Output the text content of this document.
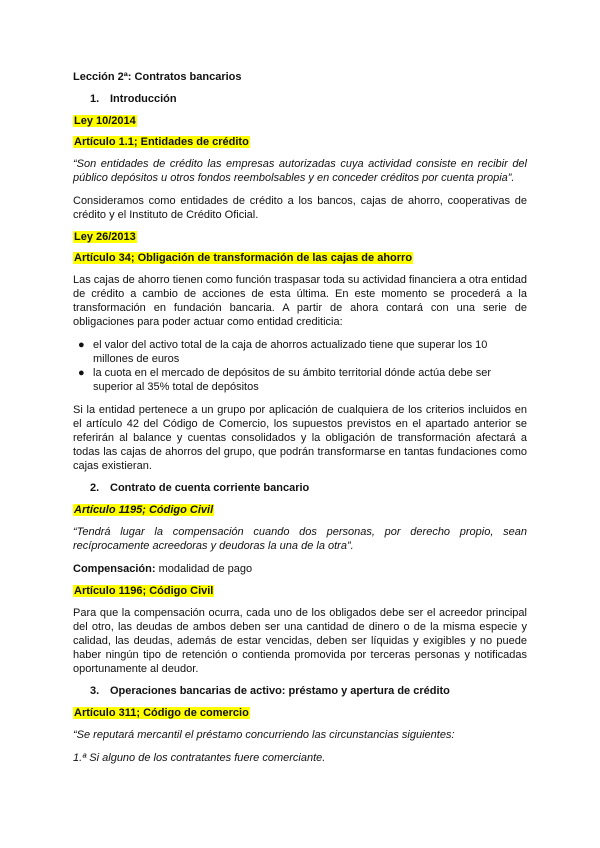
Lección 2ª: Contratos bancarios

1. Introducción
Ley 10/2014
Artículo 1.1; Entidades de crédito

“Son entidades de crédito las empresas autorizadas cuya actividad consiste en recibir del público depósitos u otros fondos reembolsables y en conceder créditos por cuenta propia”.

Consideramos como entidades de crédito a los bancos, cajas de ahorro, cooperativas de crédito y el Instituto de Crédito Oficial.

Ley 26/2013
Artículo 34; Obligación de transformación de las cajas de ahorro

Las cajas de ahorro tienen como función traspasar toda su actividad financiera a otra entidad de crédito a cambio de acciones de esta última. En este momento se procederá a la transformación en fundación bancaria. A partir de ahora contará con una serie de obligaciones para poder actuar como entidad crediticia:

● el valor del activo total de la caja de ahorros actualizado tiene que superar los 10 millones de euros
● la cuota en el mercado de depósitos de su ámbito territorial dónde actúa debe ser superior al 35% total de depósitos

Si la entidad pertenece a un grupo por aplicación de cualquiera de los criterios incluidos en el artículo 42 del Código de Comercio, los supuestos previstos en el apartado anterior se referirán al balance y cuentas consolidados y la obligación de transformación afectará a todas las cajas de ahorros del grupo, que podrán transformarse en tantas fundaciones como cajas existieran.

2. Contrato de cuenta corriente bancario
Artículo 1195; Código Civil

“Tendrá lugar la compensación cuando dos personas, por derecho propio, sean recíprocamente acreedoras y deudoras la una de la otra”.

Compensación: modalidad de pago

Artículo 1196; Código Civil

Para que la compensación ocurra, cada uno de los obligados debe ser el acreedor principal del otro, las deudas de ambos deben ser una cantidad de dinero o de la misma especie y calidad, las deudas, además de estar vencidas, deben ser líquidas y exigibles y no puede haber ningún tipo de retención o contienda promovida por terceras personas y notificadas oportunamente al deudor.

3. Operaciones bancarias de activo: préstamo y apertura de crédito
Artículo 311; Código de comercio

“Se reputará mercantil el préstamo concurriendo las circunstancias siguientes:

1.ª Si alguno de los contratantes fuere comerciante.
